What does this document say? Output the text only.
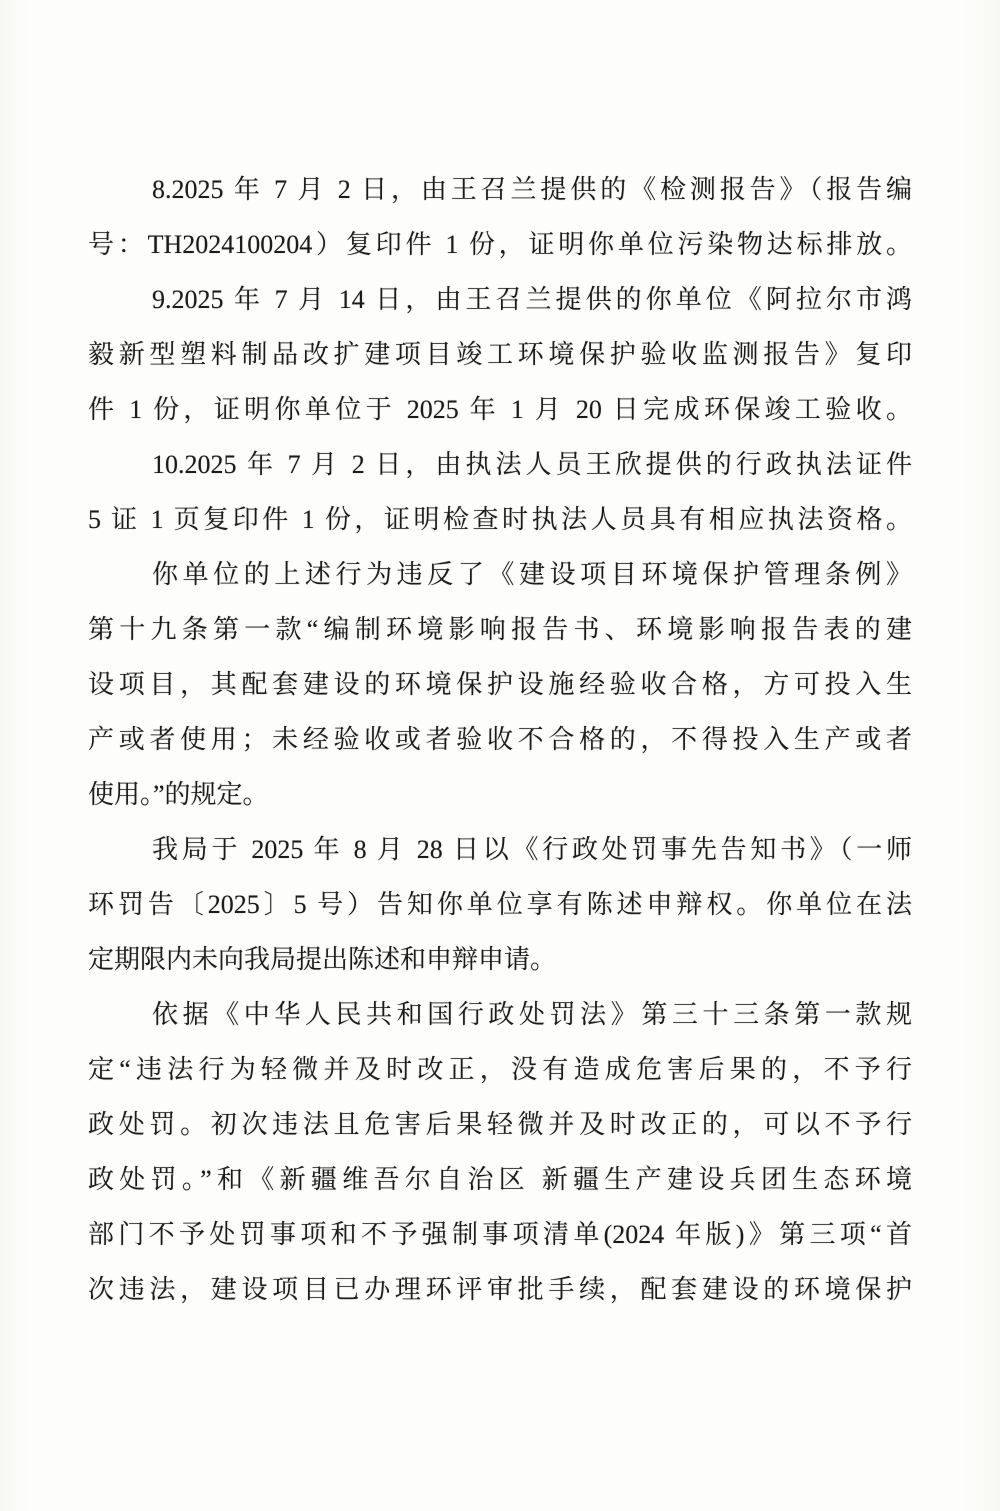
8.2025 年 7 月 2 日，由王召兰提供的《检测报告》（报告编
号：TH2024100204）复印件 1 份，证明你单位污染物达标排放。
9.2025 年 7 月 14 日，由王召兰提供的你单位《阿拉尔市鸿
毅新型塑料制品改扩建项目竣工环境保护验收监测报告》复印
件 1 份，证明你单位于 2025 年 1 月 20 日完成环保竣工验收。
10.2025 年 7 月 2 日，由执法人员王欣提供的行政执法证件
5 证 1 页复印件 1 份，证明检查时执法人员具有相应执法资格。
你单位的上述行为违反了《建设项目环境保护管理条例》
第十九条第一款“编制环境影响报告书、环境影响报告表的建
设项目，其配套建设的环境保护设施经验收合格，方可投入生
产或者使用；未经验收或者验收不合格的，不得投入生产或者
使用。”的规定。
我局于 2025 年 8 月 28 日以《行政处罚事先告知书》（一师
环罚告〔2025〕5 号）告知你单位享有陈述申辩权。你单位在法
定期限内未向我局提出陈述和申辩申请。
依据《中华人民共和国行政处罚法》第三十三条第一款规
定“违法行为轻微并及时改正，没有造成危害后果的，不予行
政处罚。初次违法且危害后果轻微并及时改正的，可以不予行
政处罚。”和《新疆维吾尔自治区 新疆生产建设兵团生态环境
部门不予处罚事项和不予强制事项清单(2024 年版)》第三项“首
次违法，建设项目已办理环评审批手续，配套建设的环境保护
